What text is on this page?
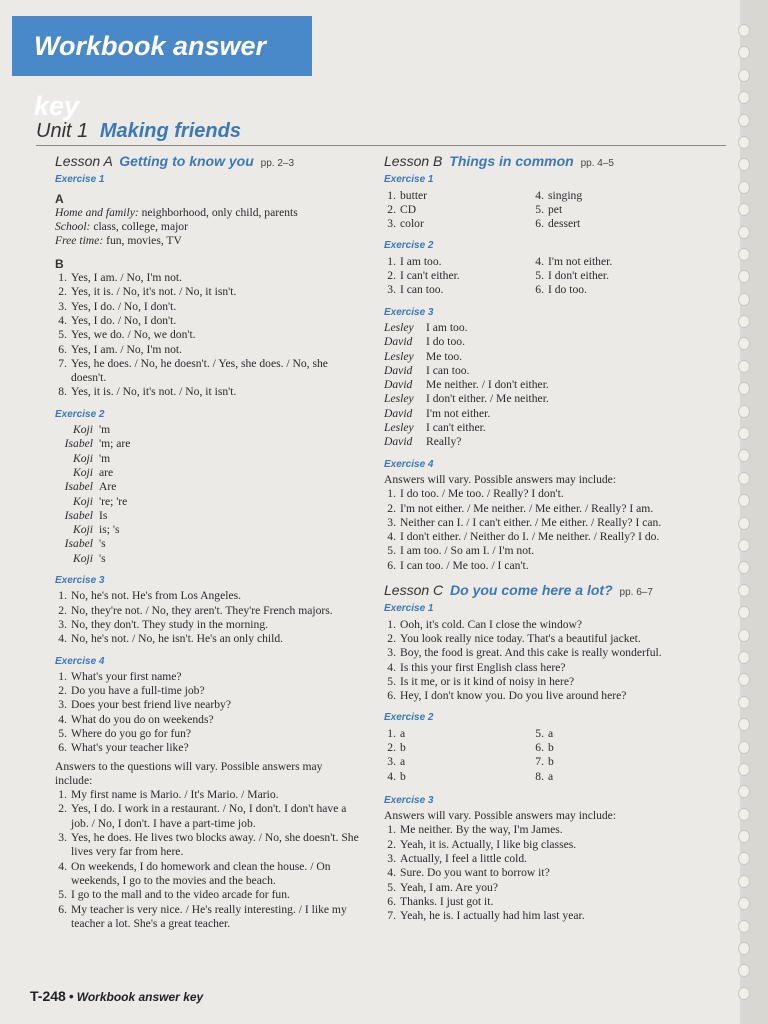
Workbook answer key
Unit 1 Making friends
Lesson A Getting to know you pp. 2–3
Exercise 1
A
Home and family: neighborhood, only child, parents
School: class, college, major
Free time: fun, movies, TV
B
1. Yes, I am. / No, I'm not.
2. Yes, it is. / No, it's not. / No, it isn't.
3. Yes, I do. / No, I don't.
4. Yes, I do. / No, I don't.
5. Yes, we do. / No, we don't.
6. Yes, I am. / No, I'm not.
7. Yes, he does. / No, he doesn't. / Yes, she does. / No, she doesn't.
8. Yes, it is. / No, it's not. / No, it isn't.
Exercise 2
Koji 'm
Isabel 'm; are
Koji 'm
Koji are
Isabel Are
Koji 're; 're
Isabel Is
Koji is; 's
Isabel 's
Koji 's
Exercise 3
1. No, he's not. He's from Los Angeles.
2. No, they're not. / No, they aren't. They're French majors.
3. No, they don't. They study in the morning.
4. No, he's not. / No, he isn't. He's an only child.
Exercise 4
1. What's your first name?
2. Do you have a full-time job?
3. Does your best friend live nearby?
4. What do you do on weekends?
5. Where do you go for fun?
6. What's your teacher like?
Answers to the questions will vary. Possible answers may include:
1. My first name is Mario. / It's Mario. / Mario.
2. Yes, I do. I work in a restaurant. / No, I don't. I don't have a job. / No, I don't. I have a part-time job.
3. Yes, he does. He lives two blocks away. / No, she doesn't. She lives very far from here.
4. On weekends, I do homework and clean the house. / On weekends, I go to the movies and the beach.
5. I go to the mall and to the video arcade for fun.
6. My teacher is very nice. / He's really interesting. / I like my teacher a lot. She's a great teacher.
Lesson B Things in common pp. 4–5
Exercise 1
1. butter	4. singing
2. CD	5. pet
3. color	6. dessert
Exercise 2
1. I am too.	4. I'm not either.
2. I can't either.	5. I don't either.
3. I can too.	6. I do too.
Exercise 3
Lesley	I am too.
David	I do too.
Lesley	Me too.
David	I can too.
David	Me neither. / I don't either.
Lesley	I don't either. / Me neither.
David	I'm not either.
Lesley	I can't either.
David	Really?
Exercise 4
Answers will vary. Possible answers may include:
1. I do too. / Me too. / Really? I don't.
2. I'm not either. / Me neither. / Me either. / Really? I am.
3. Neither can I. / I can't either. / Me either. / Really? I can.
4. I don't either. / Neither do I. / Me neither. / Really? I do.
5. I am too. / So am I. / I'm not.
6. I can too. / Me too. / I can't.
Lesson C Do you come here a lot? pp. 6–7
Exercise 1
1. Ooh, it's cold. Can I close the window?
2. You look really nice today. That's a beautiful jacket.
3. Boy, the food is great. And this cake is really wonderful.
4. Is this your first English class here?
5. Is it me, or is it kind of noisy in here?
6. Hey, I don't know you. Do you live around here?
Exercise 2
1. a	5. a
2. b	6. b
3. a	7. b
4. b	8. a
Exercise 3
Answers will vary. Possible answers may include:
1. Me neither. By the way, I'm James.
2. Yeah, it is. Actually, I like big classes.
3. Actually, I feel a little cold.
4. Sure. Do you want to borrow it?
5. Yeah, I am. Are you?
6. Thanks. I just got it.
7. Yeah, he is. I actually had him last year.
T-248 • Workbook answer key
